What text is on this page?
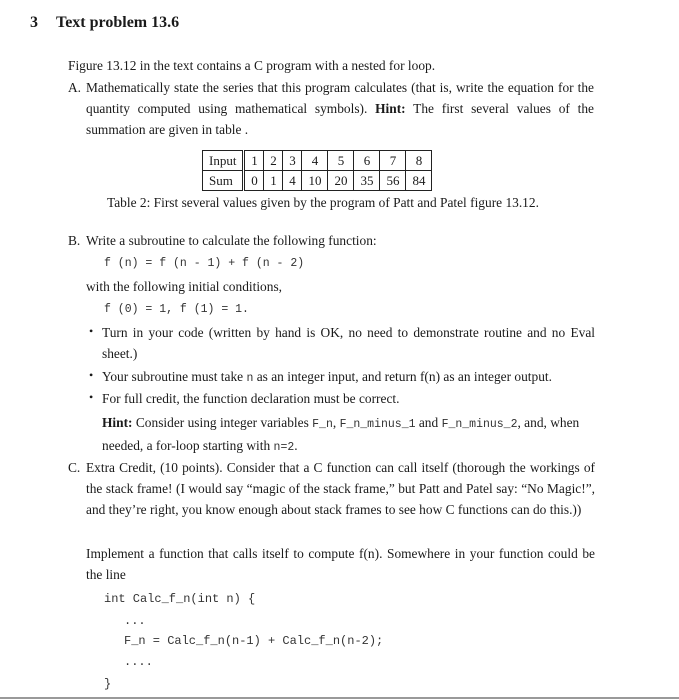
3 Text problem 13.6
Figure 13.12 in the text contains a C program with a nested for loop.
A. Mathematically state the series that this program calculates (that is, write the equation for the quantity computed using mathematical symbols). Hint: The first several values of the summation are given in table .
Input	1	2	3	4	5	6	7	8
Sum	0	1	4	10	20	35	56	84
Table 2: First several values given by the program of Patt and Patel figure 13.12.
B. Write a subroutine to calculate the following function:
f (n) = f (n - 1) + f (n - 2)
with the following initial conditions,
f (0) = 1, f (1) = 1.
• Turn in your code (written by hand is OK, no need to demonstrate routine and no Eval sheet.)
• Your subroutine must take n as an integer input, and return f(n) as an integer output.
• For full credit, the function declaration must be correct.
Hint: Consider using integer variables F_n, F_n_minus_1 and F_n_minus_2, and, when needed, a for-loop starting with n=2.
C. Extra Credit, (10 points). Consider that a C function can call itself (thorough the workings of the stack frame! (I would say “magic of the stack frame,” but Patt and Patel say: “No Magic!”, and they’re right, you know enough about stack frames to see how C functions can do this.))
Implement a function that calls itself to compute f(n). Somewhere in your function could be the line
int Calc_f_n(int n) {
...
F_n = Calc_f_n(n-1) + Calc_f_n(n-2);
....
}
